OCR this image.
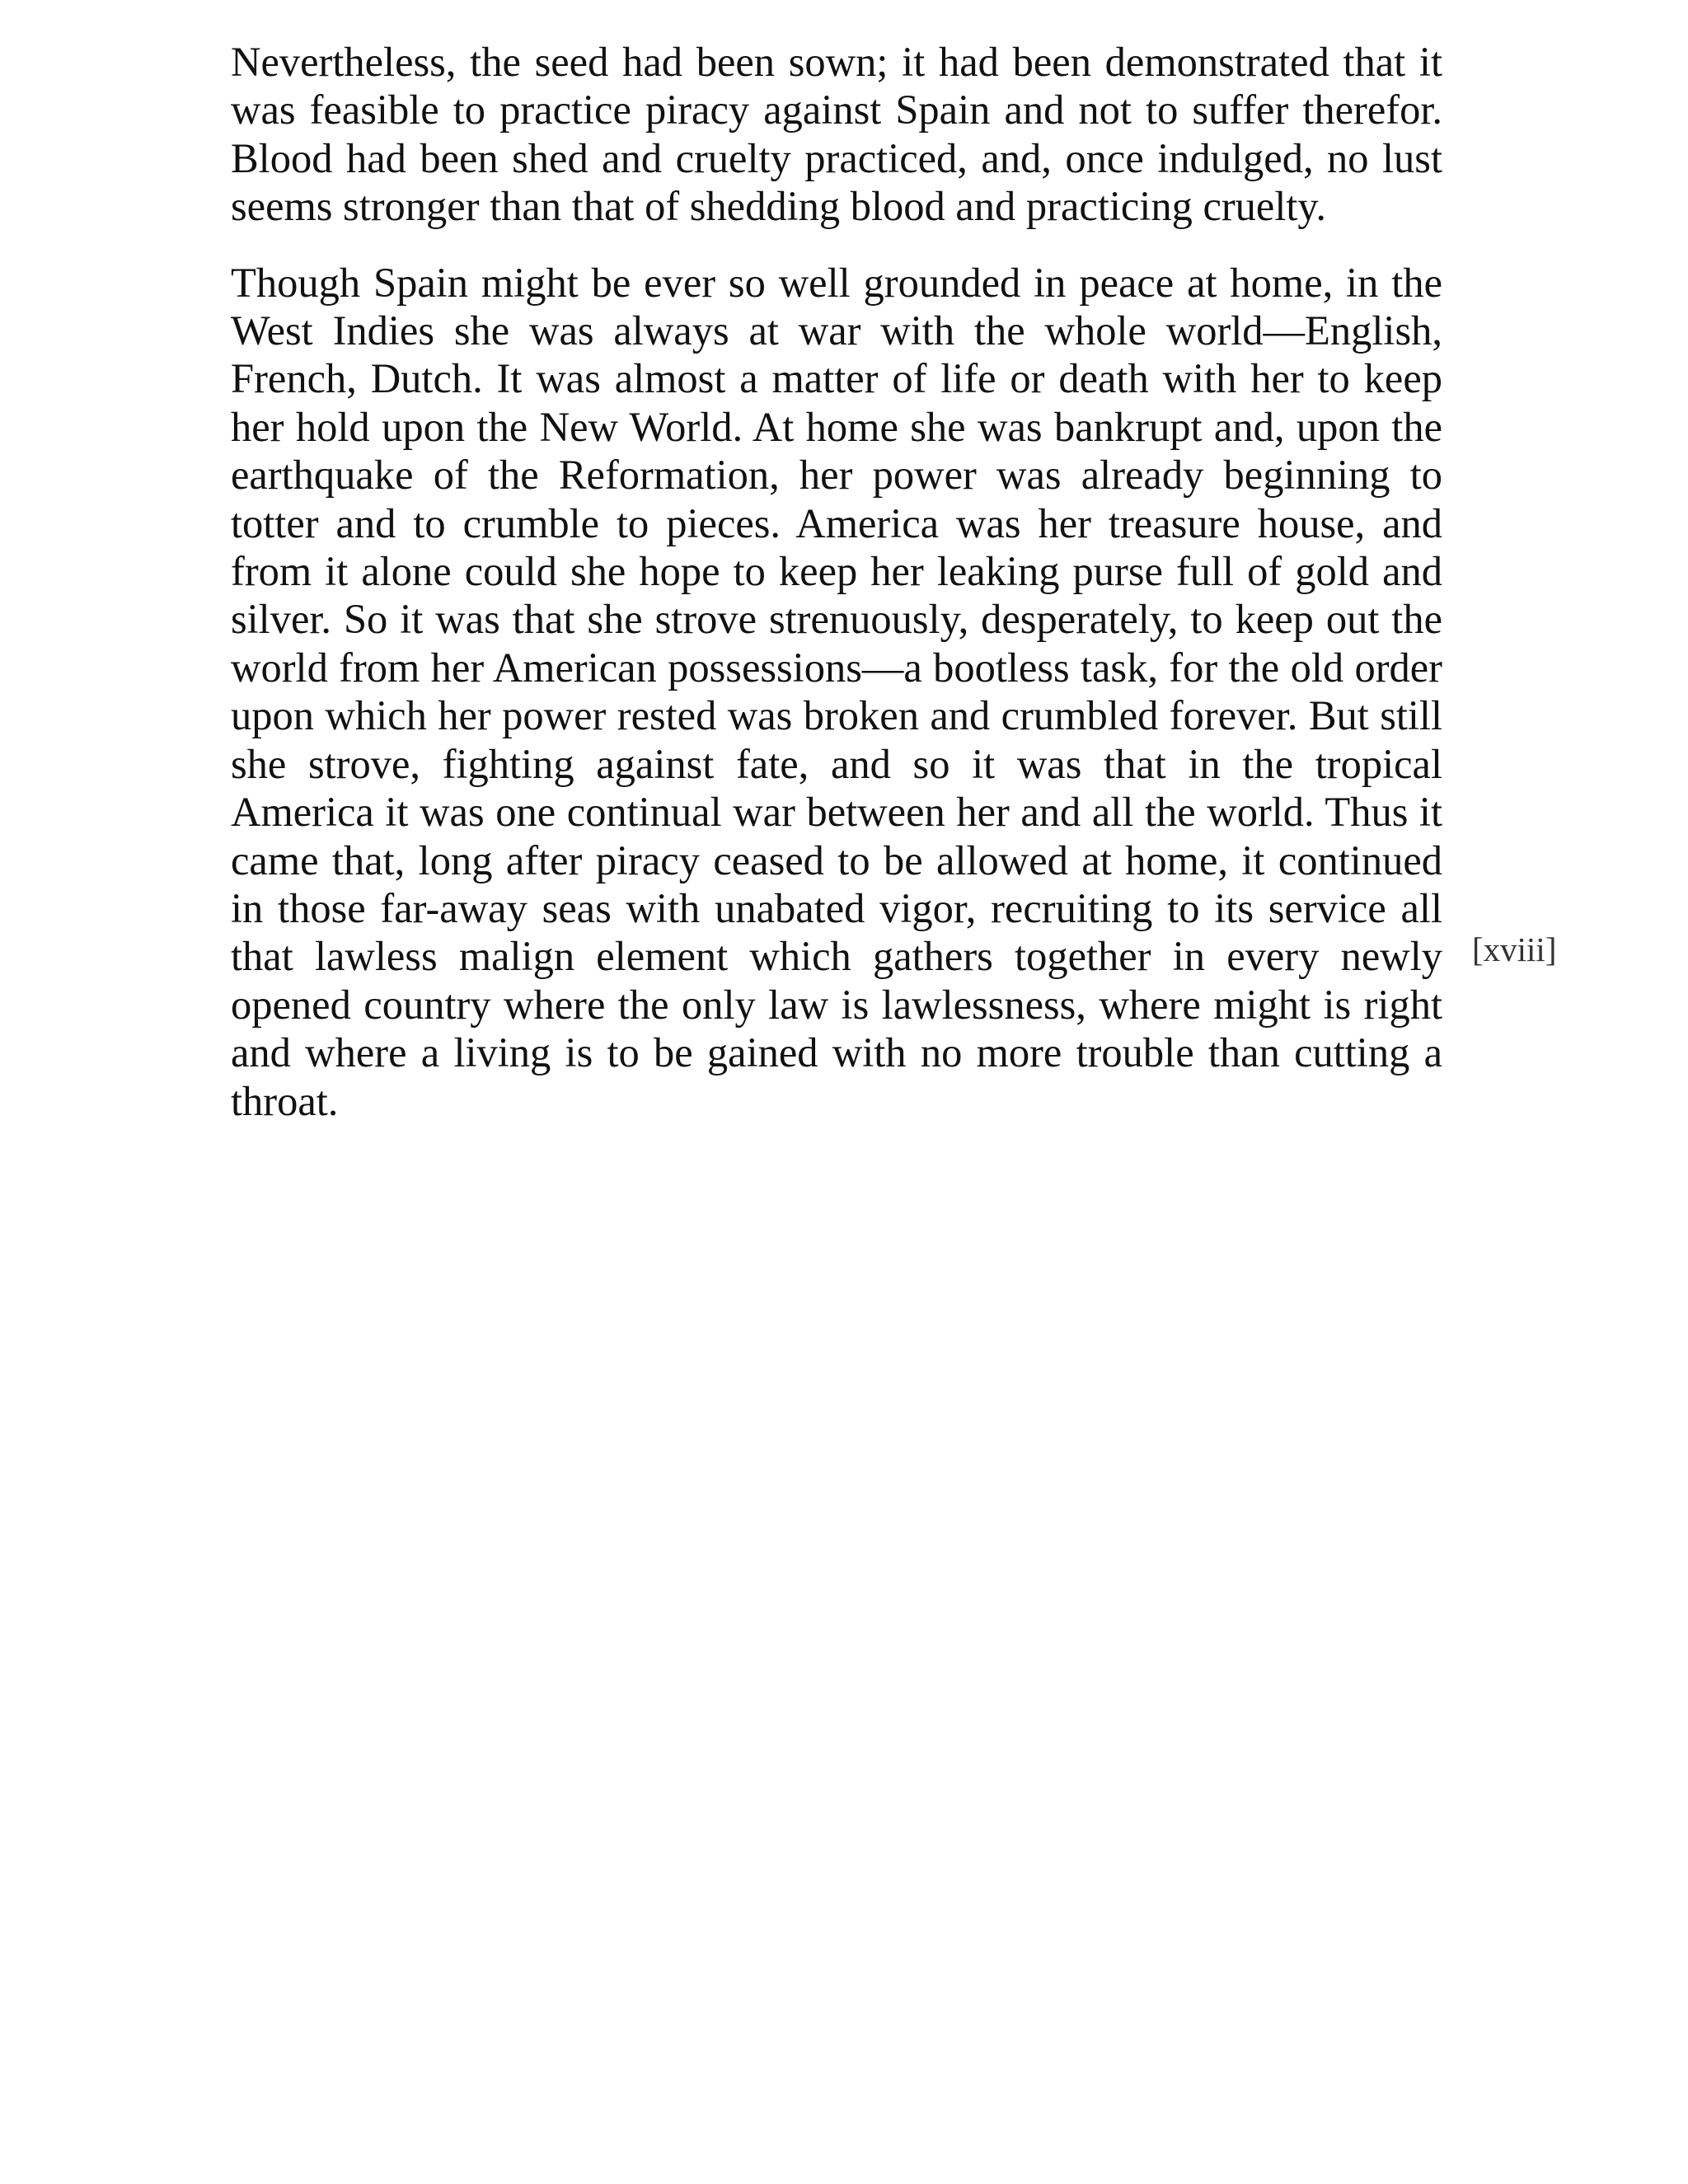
Nevertheless, the seed had been sown; it had been demonstrated that it was feasible to practice piracy against Spain and not to suffer therefor. Blood had been shed and cruelty practiced, and, once indulged, no lust seems stronger than that of shedding blood and practicing cruelty.

Though Spain might be ever so well grounded in peace at home, in the West Indies she was always at war with the whole world—English, French, Dutch. It was almost a matter of life or death with her to keep her hold upon the New World. At home she was bankrupt and, upon the earthquake of the Reformation, her power was already beginning to totter and to crumble to pieces. America was her treasure house, and from it alone could she hope to keep her leaking purse full of gold and silver. So it was that she strove strenuously, desperately, to keep out the world from her American possessions—a bootless task, for the old order upon which her power rested was broken and crumbled forever. But still she strove, fighting against fate, and so it was that in the tropical America it was one continual war between her and all the world. Thus it came that, long after piracy ceased to be allowed at home, it continued in those far-away seas with unabated vigor, recruiting to its service all that lawless malign element which gathers together in every newly opened country where the only law is lawlessness, where might is right and where a living is to be gained with no more trouble than cutting a throat.

[xviii]
